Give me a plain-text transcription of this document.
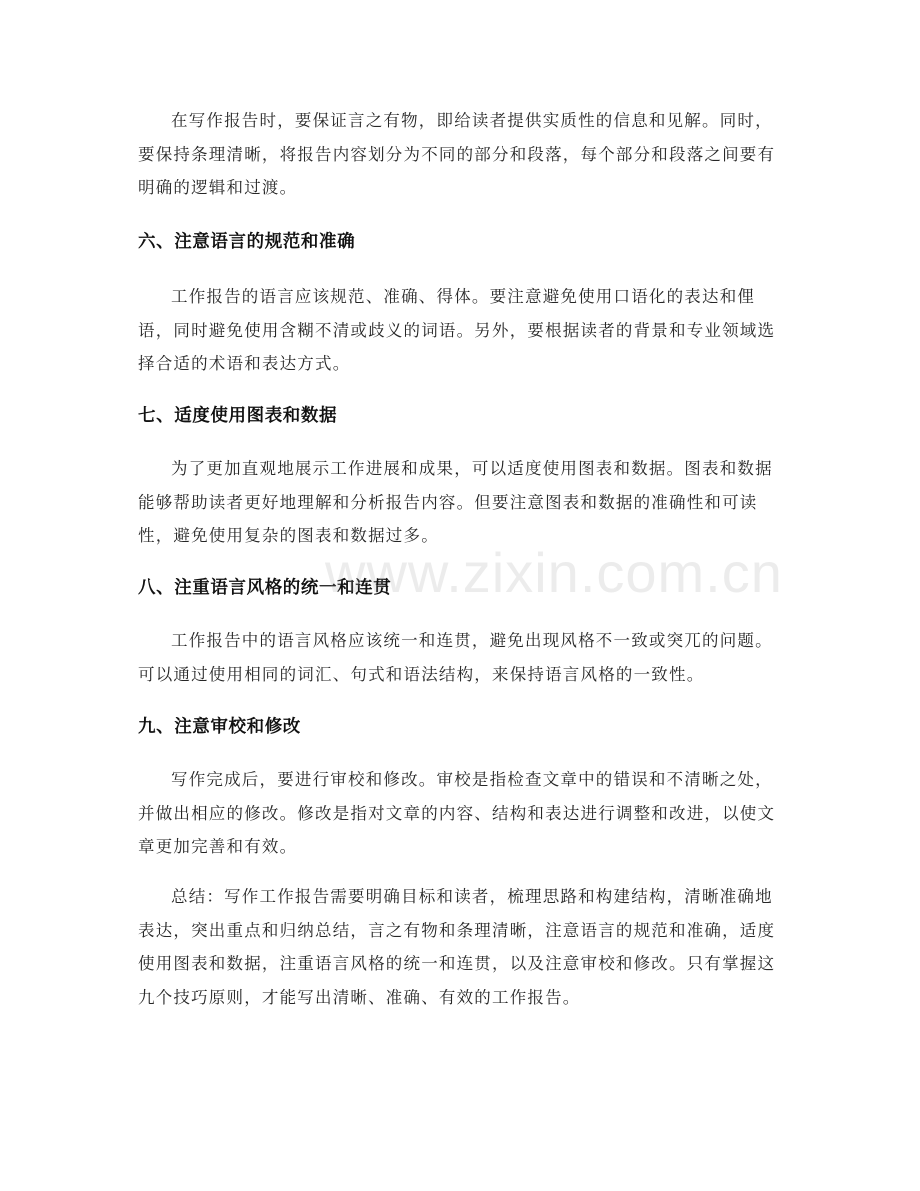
在写作报告时，要保证言之有物，即给读者提供实质性的信息和见解。同时，要保持条理清晰，将报告内容划分为不同的部分和段落，每个部分和段落之间要有明确的逻辑和过渡。

六、注意语言的规范和准确

工作报告的语言应该规范、准确、得体。要注意避免使用口语化的表达和俚语，同时避免使用含糊不清或歧义的词语。另外，要根据读者的背景和专业领域选择合适的术语和表达方式。

七、适度使用图表和数据

为了更加直观地展示工作进展和成果，可以适度使用图表和数据。图表和数据能够帮助读者更好地理解和分析报告内容。但要注意图表和数据的准确性和可读性，避免使用复杂的图表和数据过多。

八、注重语言风格的统一和连贯

工作报告中的语言风格应该统一和连贯，避免出现风格不一致或突兀的问题。可以通过使用相同的词汇、句式和语法结构，来保持语言风格的一致性。

九、注意审校和修改

写作完成后，要进行审校和修改。审校是指检查文章中的错误和不清晰之处，并做出相应的修改。修改是指对文章的内容、结构和表达进行调整和改进，以使文章更加完善和有效。

总结：写作工作报告需要明确目标和读者，梳理思路和构建结构，清晰准确地表达，突出重点和归纳总结，言之有物和条理清晰，注意语言的规范和准确，适度使用图表和数据，注重语言风格的统一和连贯，以及注意审校和修改。只有掌握这九个技巧原则，才能写出清晰、准确、有效的工作报告。

www.zixin.com.cn
